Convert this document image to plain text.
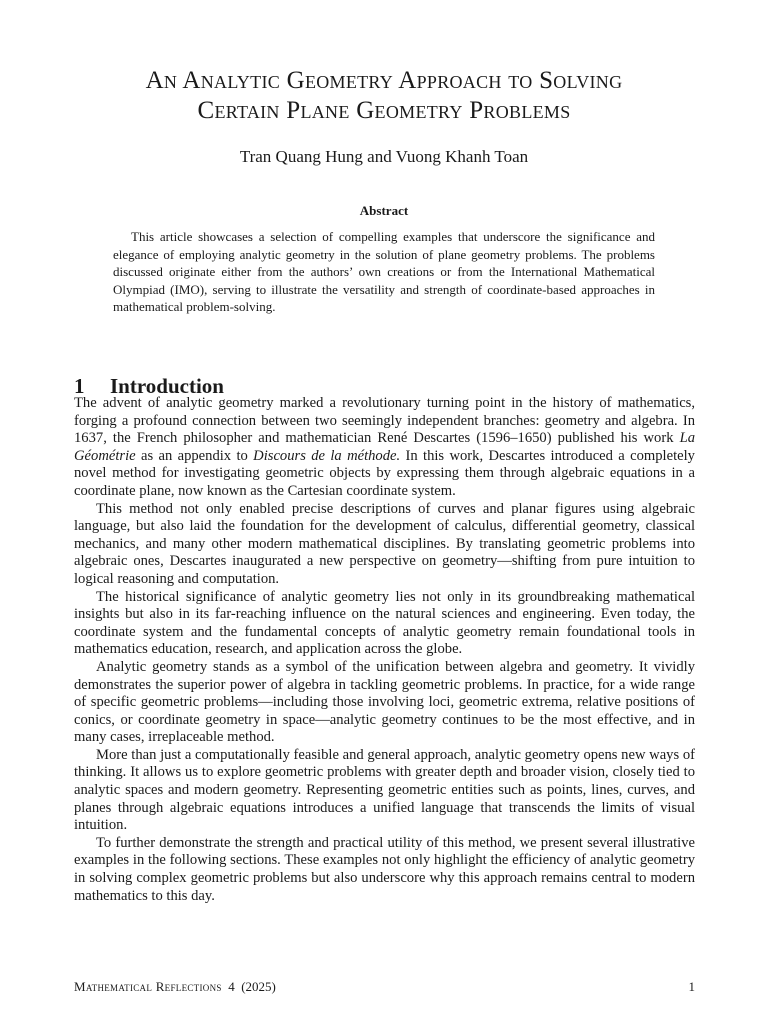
An Analytic Geometry Approach to Solving
Certain Plane Geometry Problems
Tran Quang Hung and Vuong Khanh Toan
Abstract

This article showcases a selection of compelling examples that underscore the significance and elegance of employing analytic geometry in the solution of plane geometry problems. The problems discussed originate either from the authors’ own creations or from the International Mathematical Olympiad (IMO), serving to illustrate the versatility and strength of coordinate-based approaches in mathematical problem-solving.

1 Introduction

The advent of analytic geometry marked a revolutionary turning point in the history of mathematics, forging a profound connection between two seemingly independent branches: geometry and algebra. In 1637, the French philosopher and mathematician René Descartes (1596–1650) published his work La Géométrie as an appendix to Discours de la méthode. In this work, Descartes introduced a completely novel method for investigating geometric objects by expressing them through algebraic equations in a coordinate plane, now known as the Cartesian coordinate system.

This method not only enabled precise descriptions of curves and planar figures using algebraic language, but also laid the foundation for the development of calculus, differential geometry, classical mechanics, and many other modern mathematical disciplines. By translating geometric problems into algebraic ones, Descartes inaugurated a new perspective on geometry—shifting from pure intuition to logical reasoning and computation.

The historical significance of analytic geometry lies not only in its groundbreaking mathematical insights but also in its far-reaching influence on the natural sciences and engineering. Even today, the coordinate system and the fundamental concepts of analytic geometry remain foundational tools in mathematics education, research, and application across the globe.

Analytic geometry stands as a symbol of the unification between algebra and geometry. It vividly demonstrates the superior power of algebra in tackling geometric problems. In practice, for a wide range of specific geometric problems—including those involving loci, geometric extrema, relative positions of conics, or coordinate geometry in space—analytic geometry continues to be the most effective, and in many cases, irreplaceable method.

More than just a computationally feasible and general approach, analytic geometry opens new ways of thinking. It allows us to explore geometric problems with greater depth and broader vision, closely tied to analytic spaces and modern geometry. Representing geometric entities such as points, lines, curves, and planes through algebraic equations introduces a unified language that transcends the limits of visual intuition.

To further demonstrate the strength and practical utility of this method, we present several illustrative examples in the following sections. These examples not only highlight the efficiency of analytic geometry in solving complex geometric problems but also underscore why this approach remains central to modern mathematics to this day.

Mathematical Reflections 4 (2025)	1
